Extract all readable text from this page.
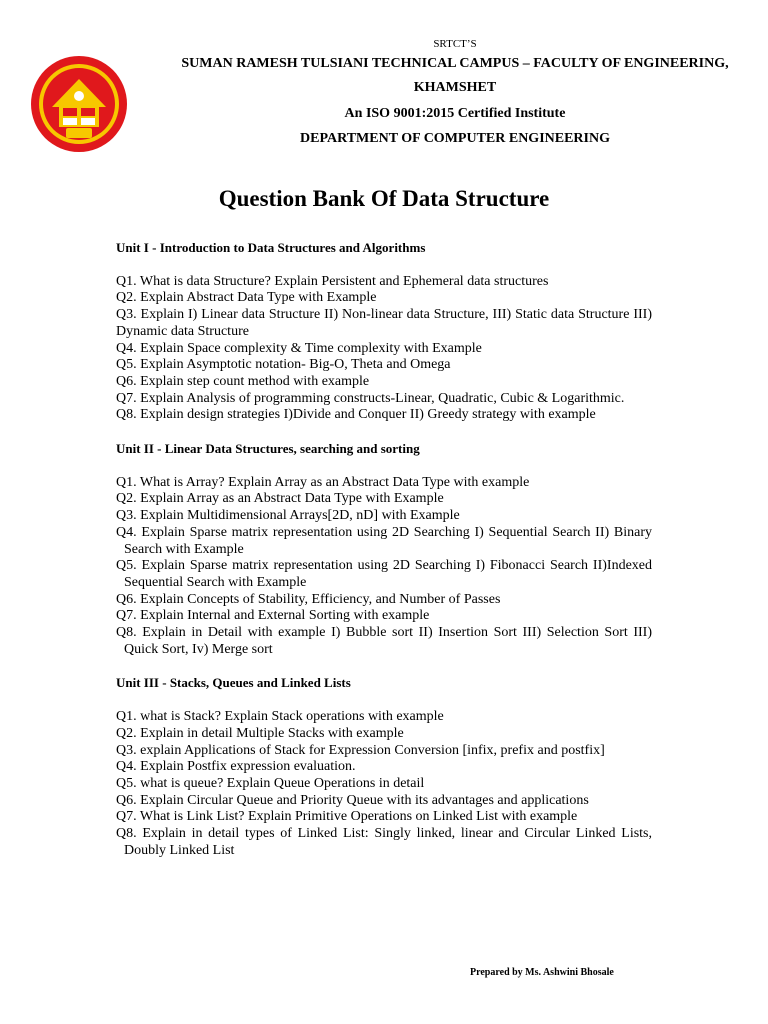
SRTCT’S
SUMAN RAMESH TULSIANI TECHNICAL CAMPUS – FACULTY OF ENGINEERING,
KHAMSHET
An ISO 9001:2015 Certified Institute
DEPARTMENT OF COMPUTER ENGINEERING
Question Bank Of Data Structure
Unit I - Introduction to Data Structures and Algorithms

Q1. What is data Structure? Explain Persistent and Ephemeral data structures

Q2. Explain Abstract Data Type with Example

Q3. Explain I) Linear data Structure II) Non-linear data Structure, III) Static data Structure III) Dynamic data Structure

Q4. Explain Space complexity & Time complexity with Example

Q5. Explain Asymptotic notation- Big-O, Theta and Omega

Q6. Explain step count method with example

Q7. Explain Analysis of programming constructs-Linear, Quadratic, Cubic & Logarithmic.

Q8. Explain design strategies I)Divide and Conquer II) Greedy strategy with example

Unit II - Linear Data Structures, searching and sorting

Q1. What is Array? Explain Array as an Abstract Data Type with example

Q2. Explain Array as an Abstract Data Type with Example

Q3. Explain Multidimensional Arrays[2D, nD] with Example

Q4. Explain Sparse matrix representation using 2D Searching I) Sequential Search II) Binary Search with Example

Q5. Explain Sparse matrix representation using 2D Searching I) Fibonacci Search II)Indexed Sequential Search with Example

Q6. Explain Concepts of Stability, Efficiency, and Number of Passes

Q7. Explain Internal and External Sorting with example

Q8. Explain in Detail with example I) Bubble sort II) Insertion Sort III) Selection Sort III) Quick Sort, Iv) Merge sort

Unit III - Stacks, Queues and Linked Lists

Q1. what is Stack? Explain Stack operations with example

Q2. Explain in detail Multiple Stacks with example

Q3. explain Applications of Stack for Expression Conversion [infix, prefix and postfix]

Q4. Explain Postfix expression evaluation.

Q5. what is queue? Explain Queue Operations in detail

Q6. Explain Circular Queue and Priority Queue with its advantages and applications

Q7. What is Link List? Explain Primitive Operations on Linked List with example

Q8. Explain in detail types of Linked List: Singly linked, linear and Circular Linked Lists, Doubly Linked List

Prepared by Ms. Ashwini Bhosale
